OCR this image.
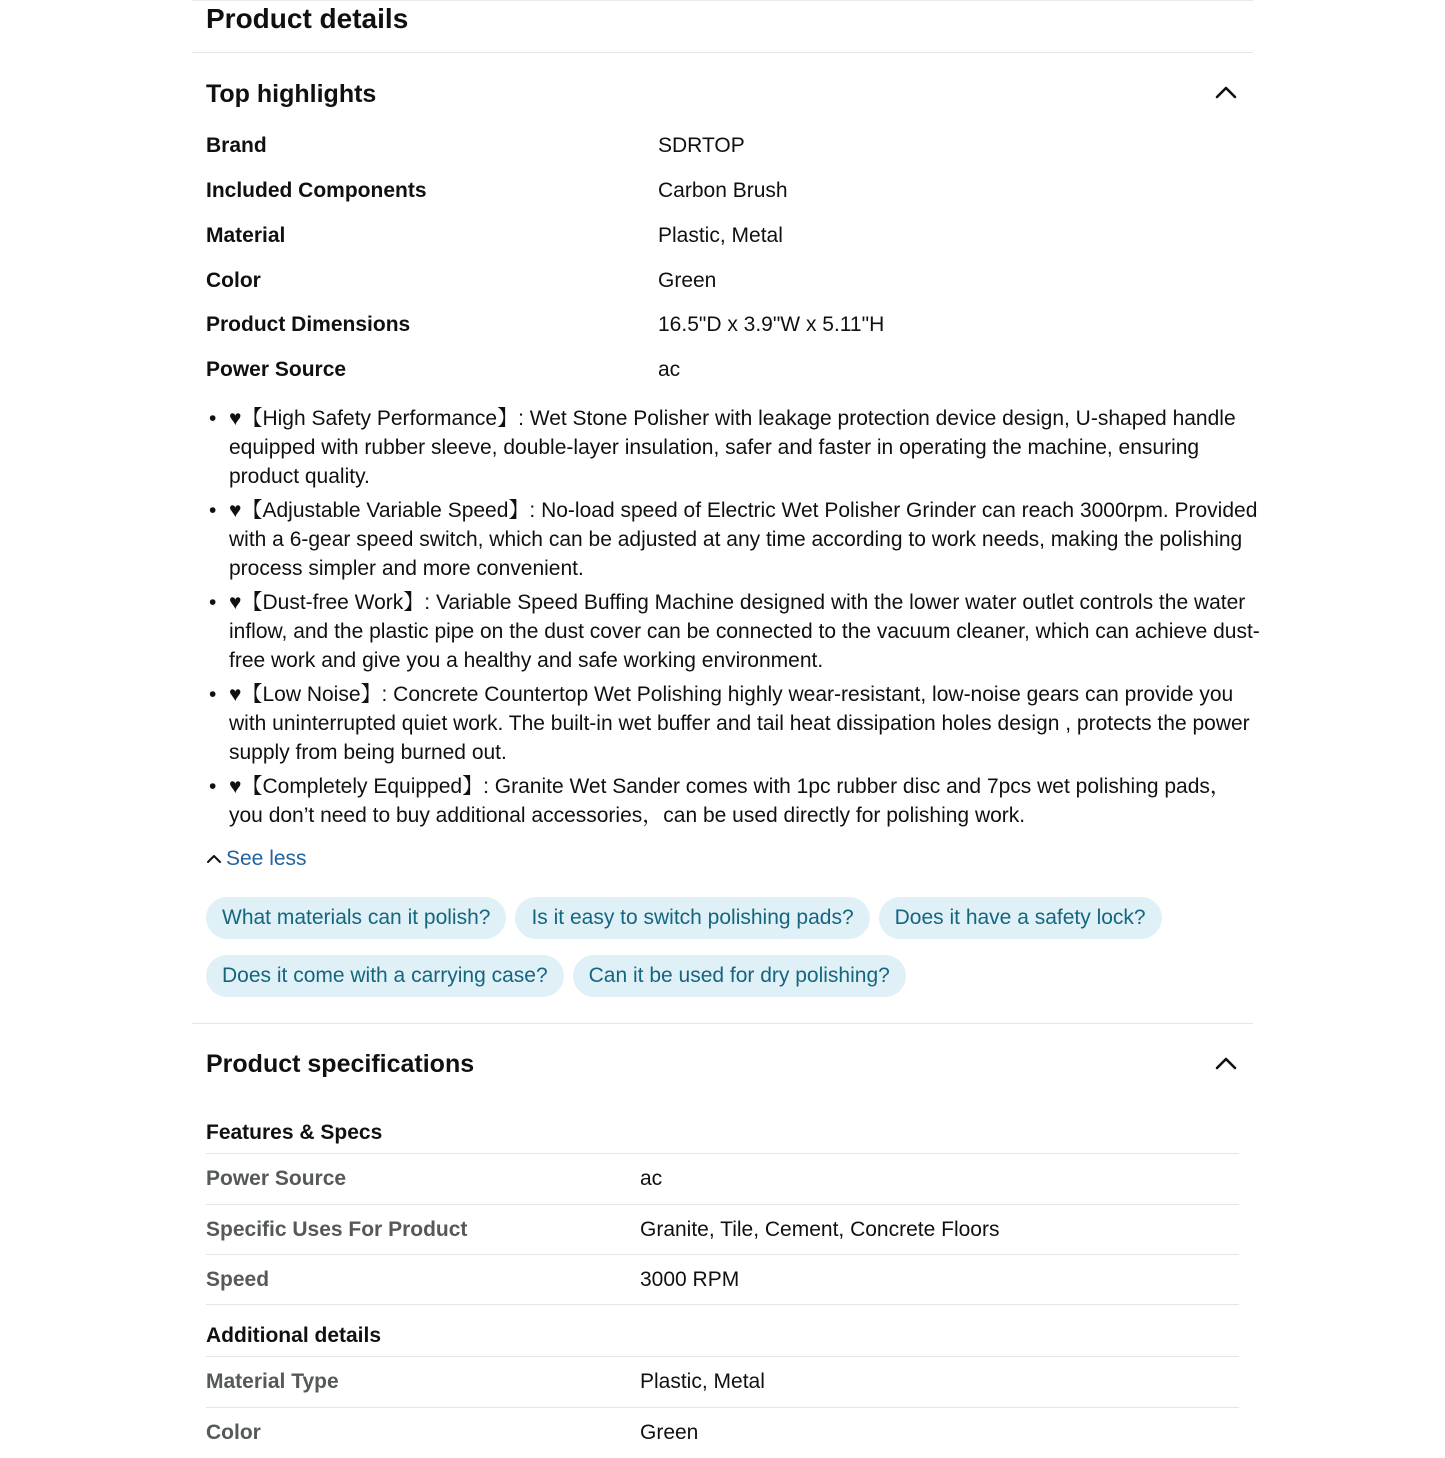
Product details
Top highlights
Brand	SDRTOP
Included Components	Carbon Brush
Material	Plastic, Metal
Color	Green
Product Dimensions	16.5"D x 3.9"W x 5.11"H
Power Source	ac
• ♥【High Safety Performance】: Wet Stone Polisher with leakage protection device design, U-shaped handle equipped with rubber sleeve, double-layer insulation, safer and faster in operating the machine, ensuring product quality.
• ♥【Adjustable Variable Speed】: No-load speed of Electric Wet Polisher Grinder can reach 3000rpm. Provided with a 6-gear speed switch, which can be adjusted at any time according to work needs, making the polishing process simpler and more convenient.
• ♥【Dust-free Work】: Variable Speed Buffing Machine designed with the lower water outlet controls the water inflow, and the plastic pipe on the dust cover can be connected to the vacuum cleaner, which can achieve dust-free work and give you a healthy and safe working environment.
• ♥【Low Noise】: Concrete Countertop Wet Polishing highly wear-resistant, low-noise gears can provide you with uninterrupted quiet work. The built-in wet buffer and tail heat dissipation holes design , protects the power supply from being burned out.
• ♥【Completely Equipped】: Granite Wet Sander comes with 1pc rubber disc and 7pcs wet polishing pads， you don’t need to buy additional accessories，can be used directly for polishing work.
See less
What materials can it polish?	Is it easy to switch polishing pads?	Does it have a safety lock?
Does it come with a carrying case?	Can it be used for dry polishing?
Product specifications
Features & Specs
Power Source	ac
Specific Uses For Product	Granite, Tile, Cement, Concrete Floors
Speed	3000 RPM
Additional details
Material Type	Plastic, Metal
Color	Green
